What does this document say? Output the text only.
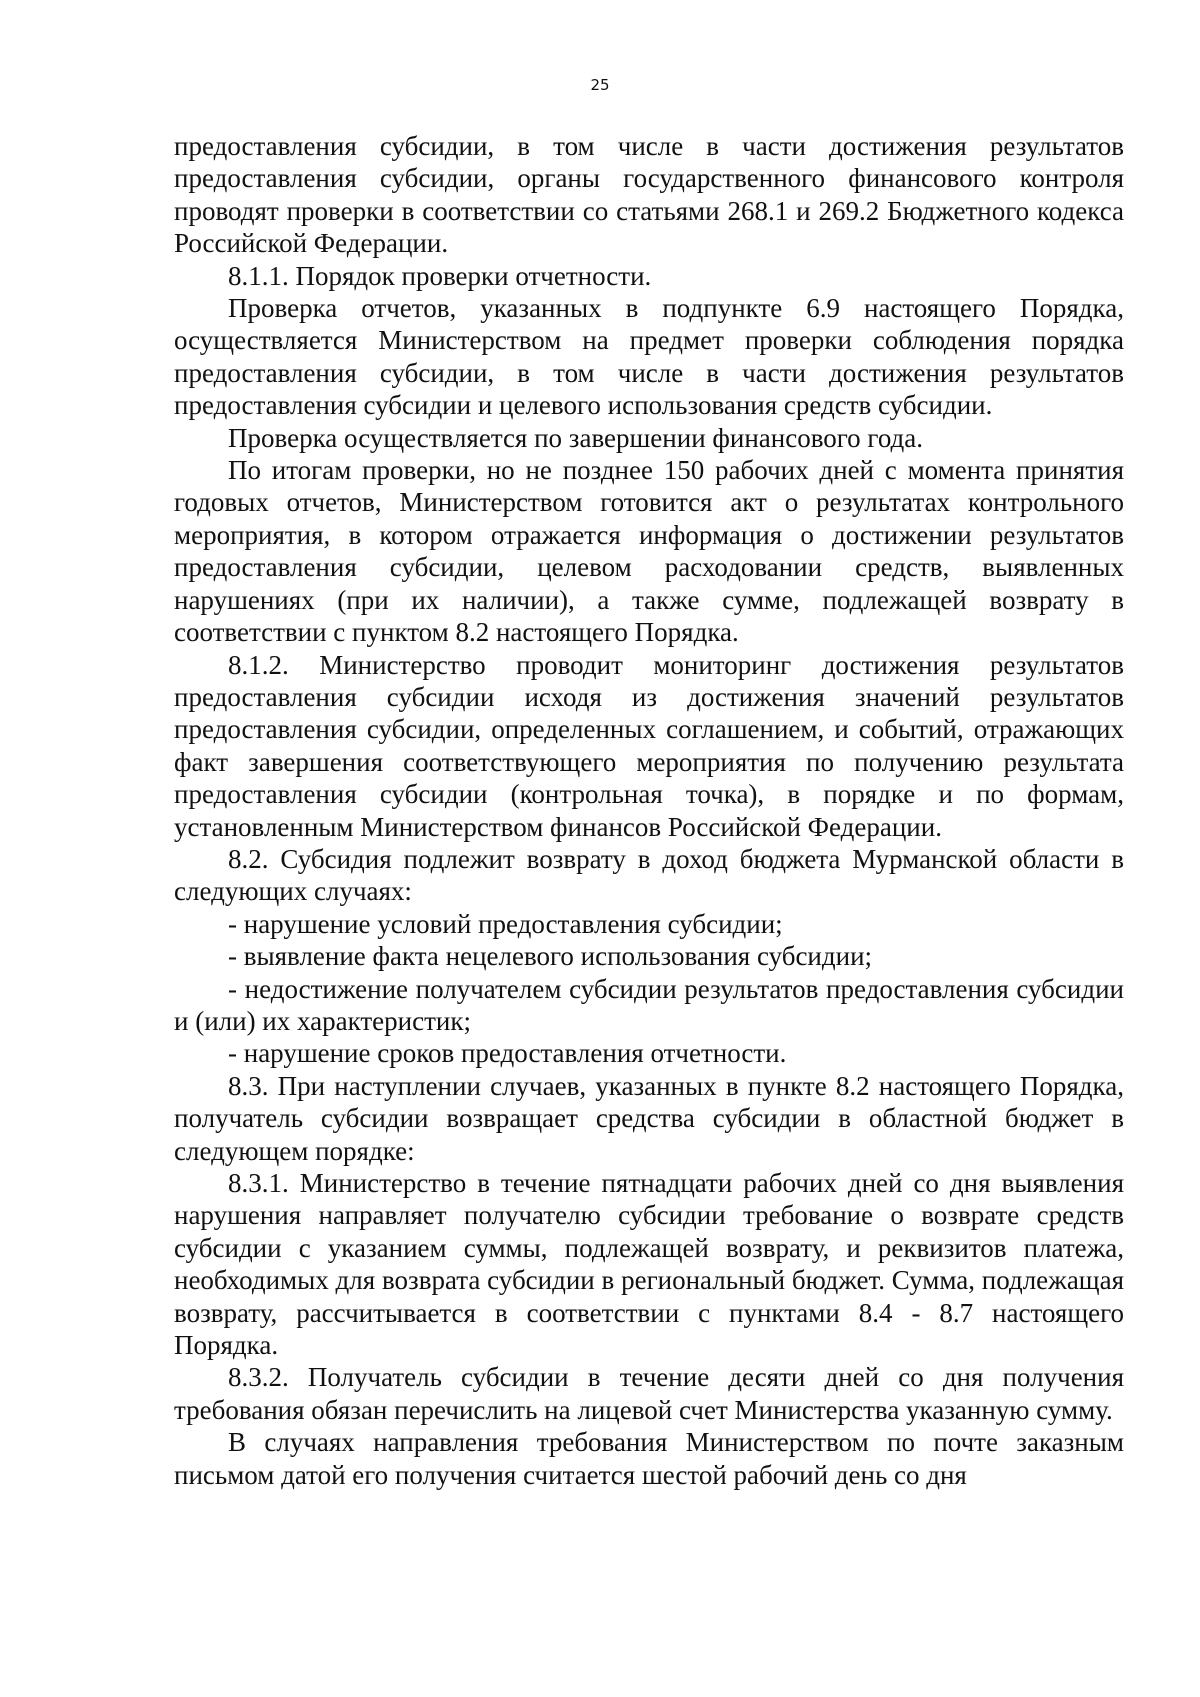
25

предоставления субсидии, в том числе в части достижения результатов предоставления субсидии, органы государственного финансового контроля проводят проверки в соответствии со статьями 268.1 и 269.2 Бюджетного кодекса Российской Федерации.

8.1.1. Порядок проверки отчетности.

Проверка отчетов, указанных в подпункте 6.9 настоящего Порядка, осуществляется Министерством на предмет проверки соблюдения порядка предоставления субсидии, в том числе в части достижения результатов предоставления субсидии и целевого использования средств субсидии.

Проверка осуществляется по завершении финансового года.

По итогам проверки, но не позднее 150 рабочих дней с момента принятия годовых отчетов, Министерством готовится акт о результатах контрольного мероприятия, в котором отражается информация о достижении результатов предоставления субсидии, целевом расходовании средств, выявленных нарушениях (при их наличии), а также сумме, подлежащей возврату в соответствии с пунктом 8.2 настоящего Порядка.

8.1.2. Министерство проводит мониторинг достижения результатов предоставления субсидии исходя из достижения значений результатов предоставления субсидии, определенных соглашением, и событий, отражающих факт завершения соответствующего мероприятия по получению результата предоставления субсидии (контрольная точка), в порядке и по формам, установленным Министерством финансов Российской Федерации.

8.2. Субсидия подлежит возврату в доход бюджета Мурманской области в следующих случаях:

- нарушение условий предоставления субсидии;

- выявление факта нецелевого использования субсидии;

- недостижение получателем субсидии результатов предоставления субсидии и (или) их характеристик;

- нарушение сроков предоставления отчетности.

8.3. При наступлении случаев, указанных в пункте 8.2 настоящего Порядка, получатель субсидии возвращает средства субсидии в областной бюджет в следующем порядке:

8.3.1. Министерство в течение пятнадцати рабочих дней со дня выявления нарушения направляет получателю субсидии требование о возврате средств субсидии с указанием суммы, подлежащей возврату, и реквизитов платежа, необходимых для возврата субсидии в региональный бюджет. Сумма, подлежащая возврату, рассчитывается в соответствии с пунктами 8.4 - 8.7 настоящего Порядка.

8.3.2. Получатель субсидии в течение десяти дней со дня получения требования обязан перечислить на лицевой счет Министерства указанную сумму.

В случаях направления требования Министерством по почте заказным письмом датой его получения считается шестой рабочий день со дня
